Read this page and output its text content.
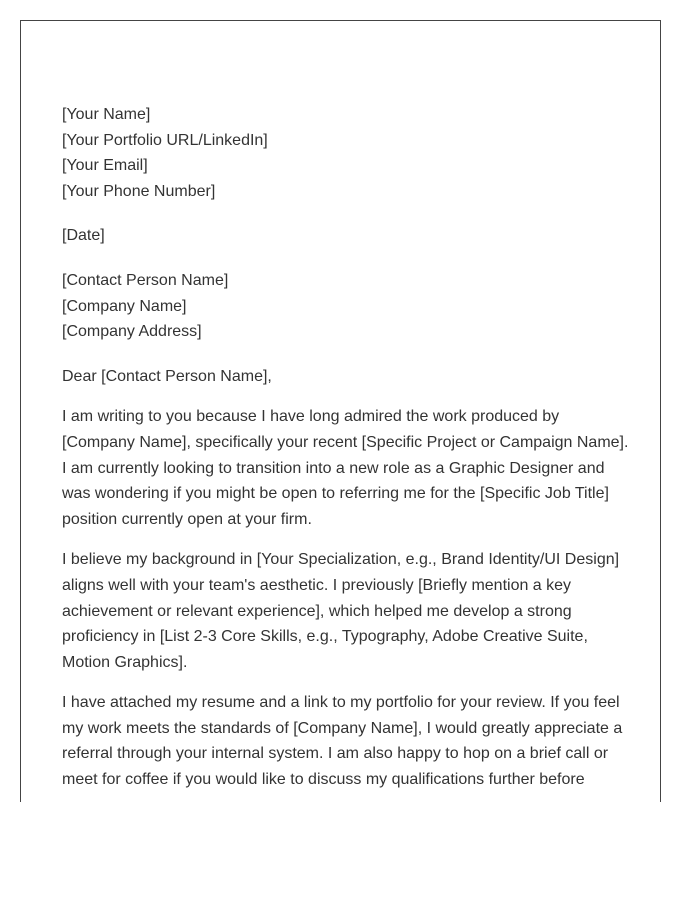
[Your Name]
[Your Portfolio URL/LinkedIn]
[Your Email]
[Your Phone Number]
[Date]
[Contact Person Name]
[Company Name]
[Company Address]
Dear [Contact Person Name],

I am writing to you because I have long admired the work produced by [Company Name], specifically your recent [Specific Project or Campaign Name]. I am currently looking to transition into a new role as a Graphic Designer and was wondering if you might be open to referring me for the [Specific Job Title] position currently open at your firm.

I believe my background in [Your Specialization, e.g., Brand Identity/UI Design] aligns well with your team's aesthetic. I previously [Briefly mention a key achievement or relevant experience], which helped me develop a strong proficiency in [List 2-3 Core Skills, e.g., Typography, Adobe Creative Suite, Motion Graphics].

I have attached my resume and a link to my portfolio for your review. If you feel my work meets the standards of [Company Name], I would greatly appreciate a referral through your internal system. I am also happy to hop on a brief call or meet for coffee if you would like to discuss my qualifications further before
